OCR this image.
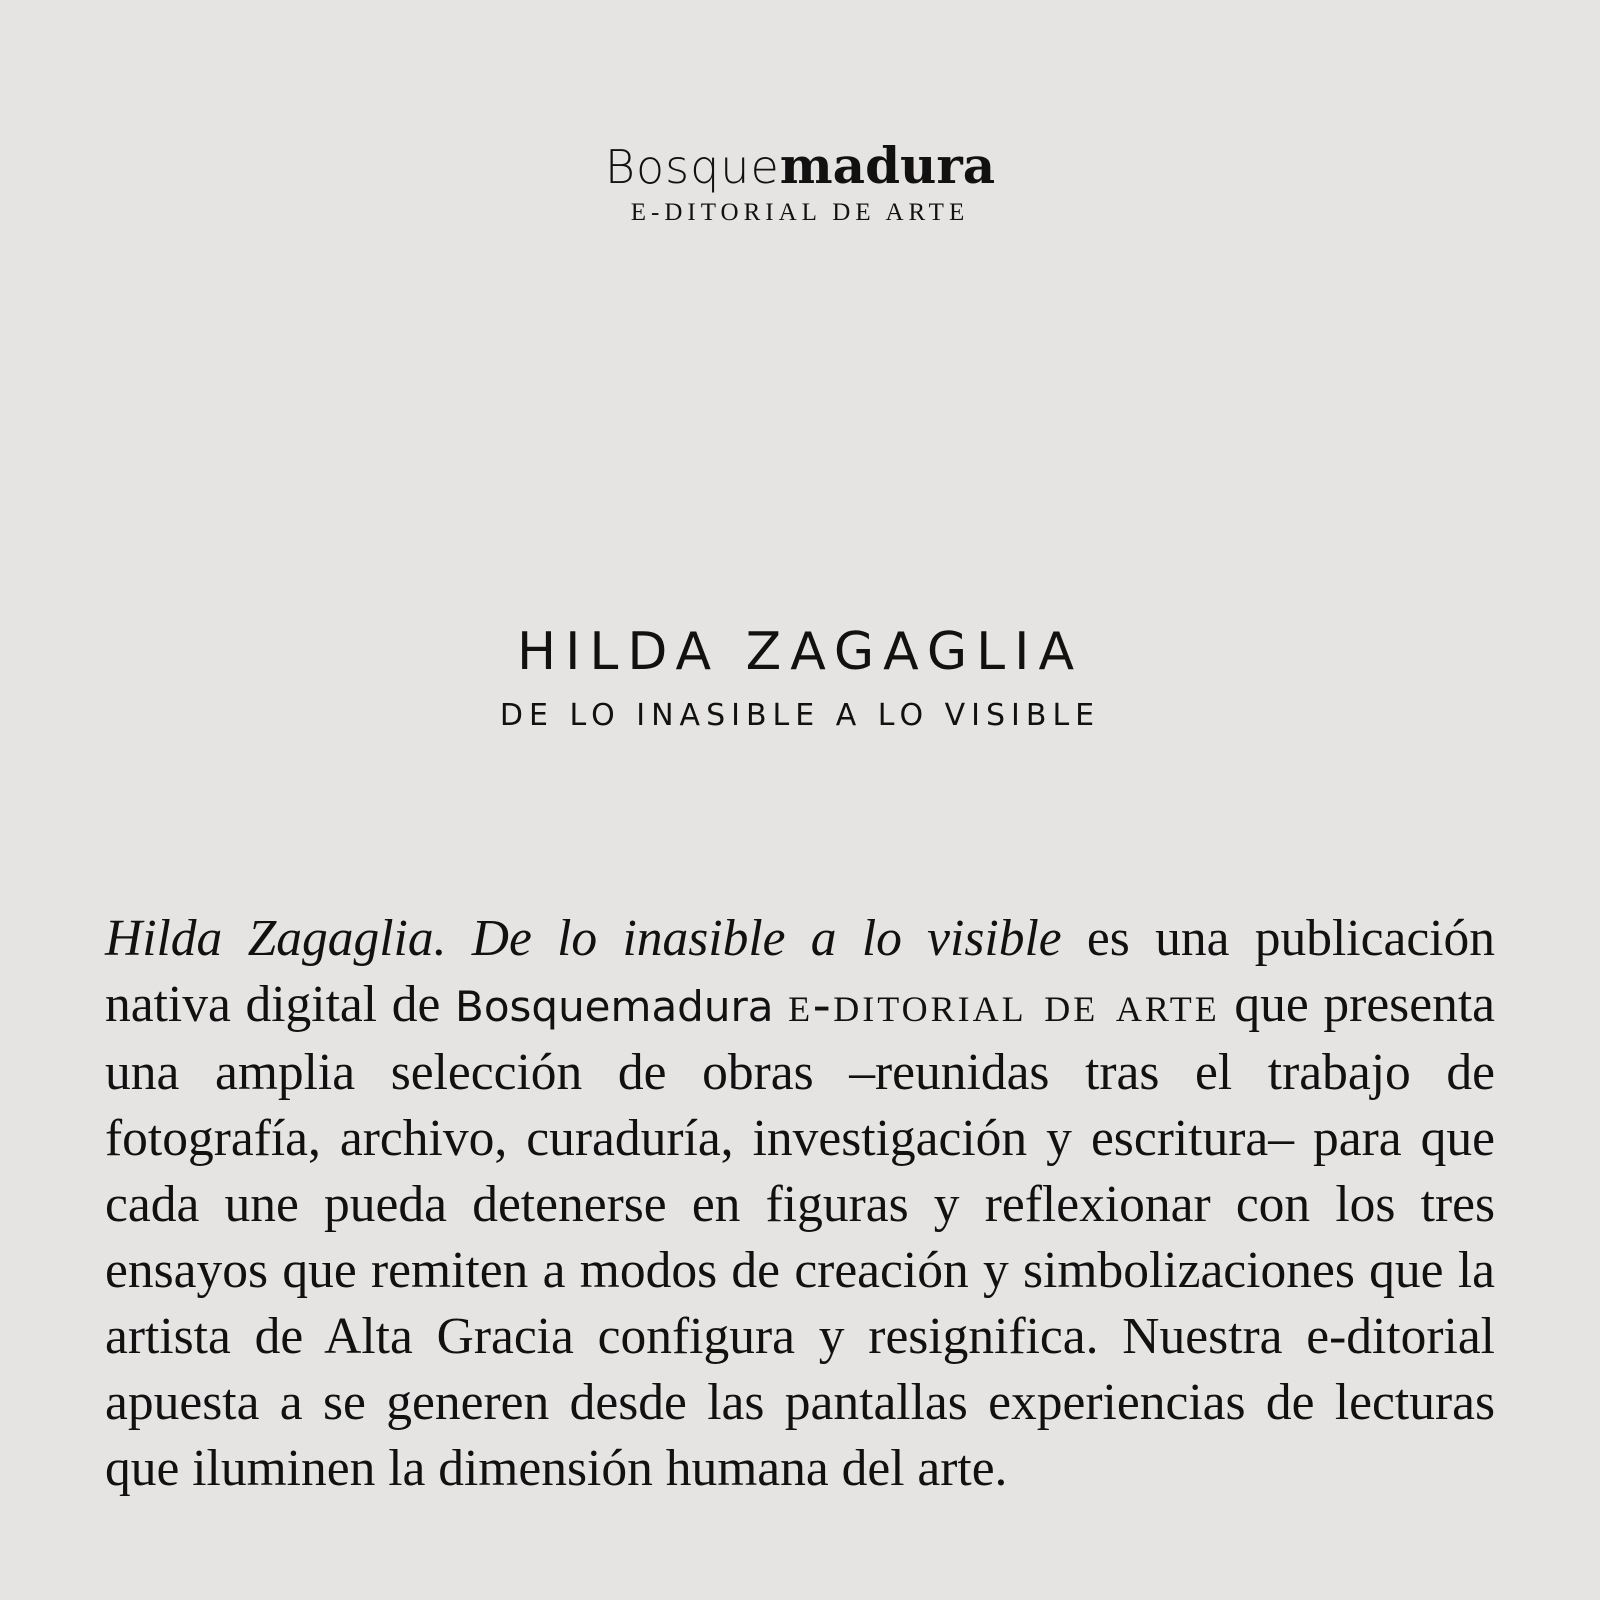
Bosquemadura
E-DITORIAL DE ARTE
HILDA ZAGAGLIA
DE LO INASIBLE A LO VISIBLE

Hilda Zagaglia. De lo inasible a lo visible es una publicación nativa digital de Bosquemadura e-ditorial de arte que presenta una amplia selección de obras –reunidas tras el trabajo de fotografía, archivo, curaduría, investigación y escritura– para que cada une pueda detenerse en figuras y reflexionar con los tres ensayos que remiten a modos de creación y simbolizaciones que la artista de Alta Gracia configura y resignifica. Nuestra e-ditorial apuesta a se generen desde las pantallas experiencias de lecturas que iluminen la dimensión humana del arte.
